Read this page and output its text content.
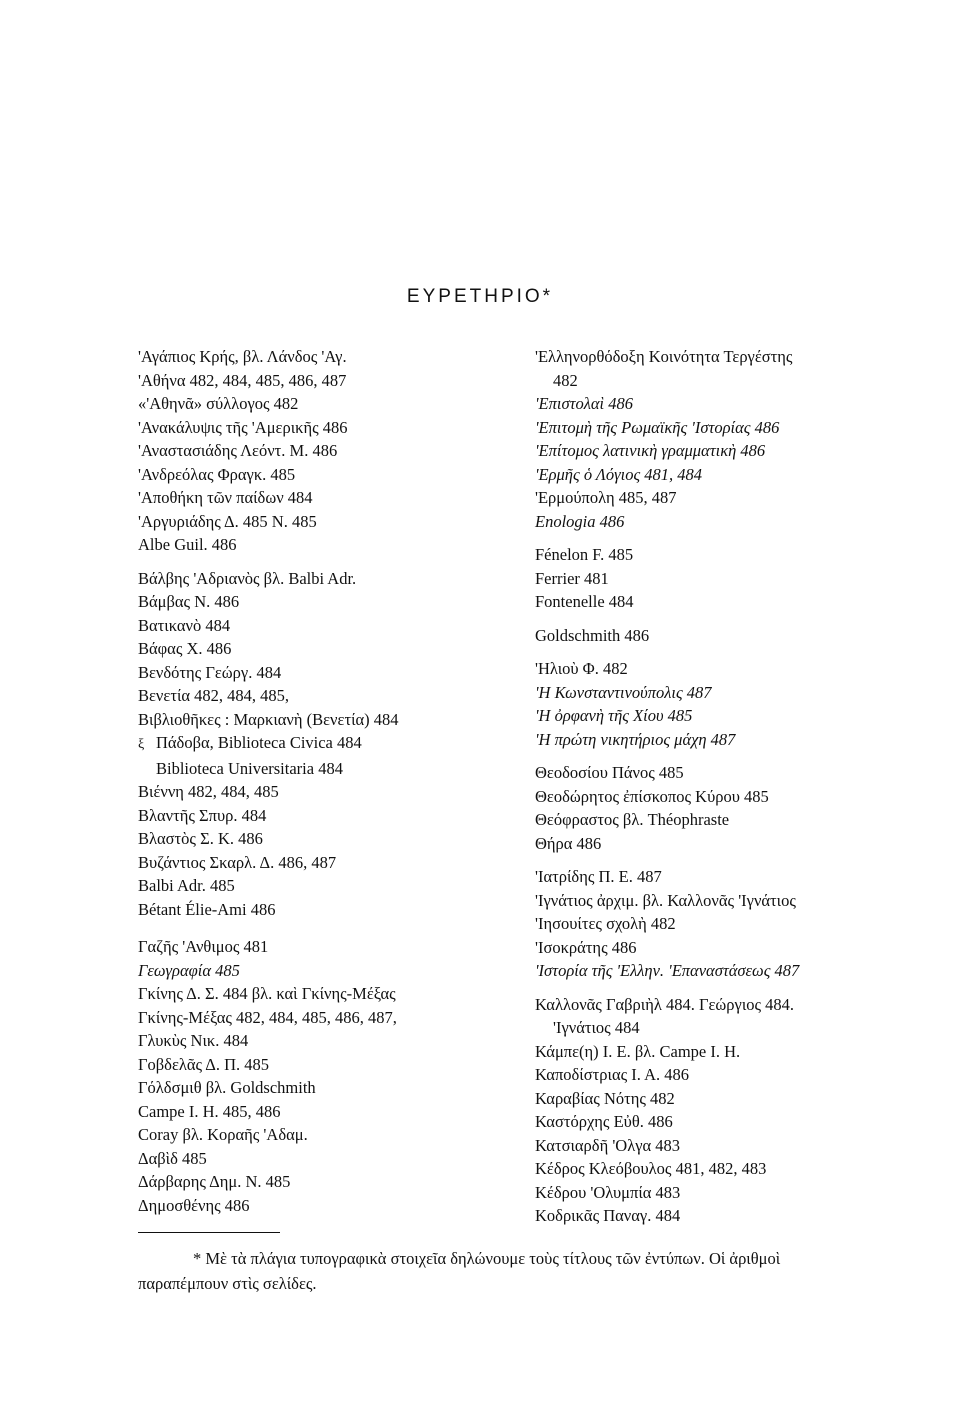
ΕΥΡΕΤΗΡΙΟ*
'Αγάπιος Κρής, βλ. Λάνδος 'Αγ.
'Αθήνα 482, 484, 485, 486, 487
«'Αθηνᾶ» σύλλογος 482
'Ανακάλυψις τῆς 'Αμερικῆς 486
'Αναστασιάδης Λεόντ. Μ. 486
'Ανδρεόλας Φραγκ. 485
'Αποθήκη τῶν παίδων 484
'Αργυριάδης Δ. 485 Ν. 485
Albe Guil. 486
Βάλβης 'Αδριανὸς βλ. Balbi Adr.
Βάμβας Ν. 486
Βατικανὸ 484
Βάφας Χ. 486
Βενδότης Γεώργ. 484
Βενετία 482, 484, 485,
Βιβλιοθῆκες : Μαρκιανὴ (Βενετία) 484
ξ Πάδοβα, Biblioteca Civica 484
Biblioteca Universitaria 484
Βιέννη 482, 484, 485
Βλαντῆς Σπυρ. 484
Βλαστὸς Σ. Κ. 486
Βυζάντιος Σκαρλ. Δ. 486, 487
Balbi Adr. 485
Bétant Élie-Ami 486
Γαζῆς 'Ανθιμος 481
Γεωγραφία 485
Γκίνης Δ. Σ. 484 βλ. καὶ Γκίνης-Μέξας
Γκίνης-Μέξας 482, 484, 485, 486, 487,
Γλυκὺς Νικ. 484
Γοβδελᾶς Δ. Π. 485
Γόλδσμιθ βλ. Goldschmith
Campe I. H. 485, 486
Coray βλ. Κοραῆς 'Αδαμ.
Δαβὶδ 485
Δάρβαρης Δημ. Ν. 485
Δημοσθένης 486
'Ελληνορθόδοξη Κοινότητα Τεργέστης
482
'Επιστολαὶ 486
'Επιτομὴ τῆς Ρωμαϊκῆς 'Ιστορίας 486
'Επίτομος λατινικὴ γραμματικὴ 486
'Ερμῆς ὁ Λόγιος 481, 484
'Ερμούπολη 485, 487
Enologia 486
Fénelon F. 485
Ferrier 481
Fontenelle 484
Goldschmith 486
'Ηλιοὺ Φ. 482
'Η Κωνσταντινούπολις 487
'Η ὀρφανὴ τῆς Χίου 485
'Η πρώτη νικητήριος μάχη 487
Θεοδοσίου Πάνος 485
Θεοδώρητος ἐπίσκοπος Κύρου 485
Θεόφραστος βλ. Théophraste
Θήρα 486
'Ιατρίδης Π. Ε. 487
'Ιγνάτιος ἀρχιμ. βλ. Καλλονᾶς 'Ιγνάτιος
'Ιησουίτες σχολὴ 482
'Ισοκράτης 486
'Ιστορία τῆς 'Ελλην. 'Επαναστάσεως 487
Καλλονᾶς Γαβριὴλ 484. Γεώργιος 484.
'Ιγνάτιος 484
Κάμπε(η) Ι. Ε. βλ. Campe I. H.
Καποδίστριας Ι. Α. 486
Καραβίας Νότης 482
Καστόρχης Εὐθ. 486
Κατσιαρδῆ 'Ολγα 483
Κέδρος Κλεόβουλος 481, 482, 483
Κέδρου 'Ολυμπία 483
Κοδρικᾶς Παναγ. 484
* Μὲ τὰ πλάγια τυπογραφικὰ στοιχεῖα δηλώνουμε τοὺς τίτλους τῶν ἐντύπων. Οἱ ἀριθμοὶ παραπέμπουν στὶς σελίδες.
